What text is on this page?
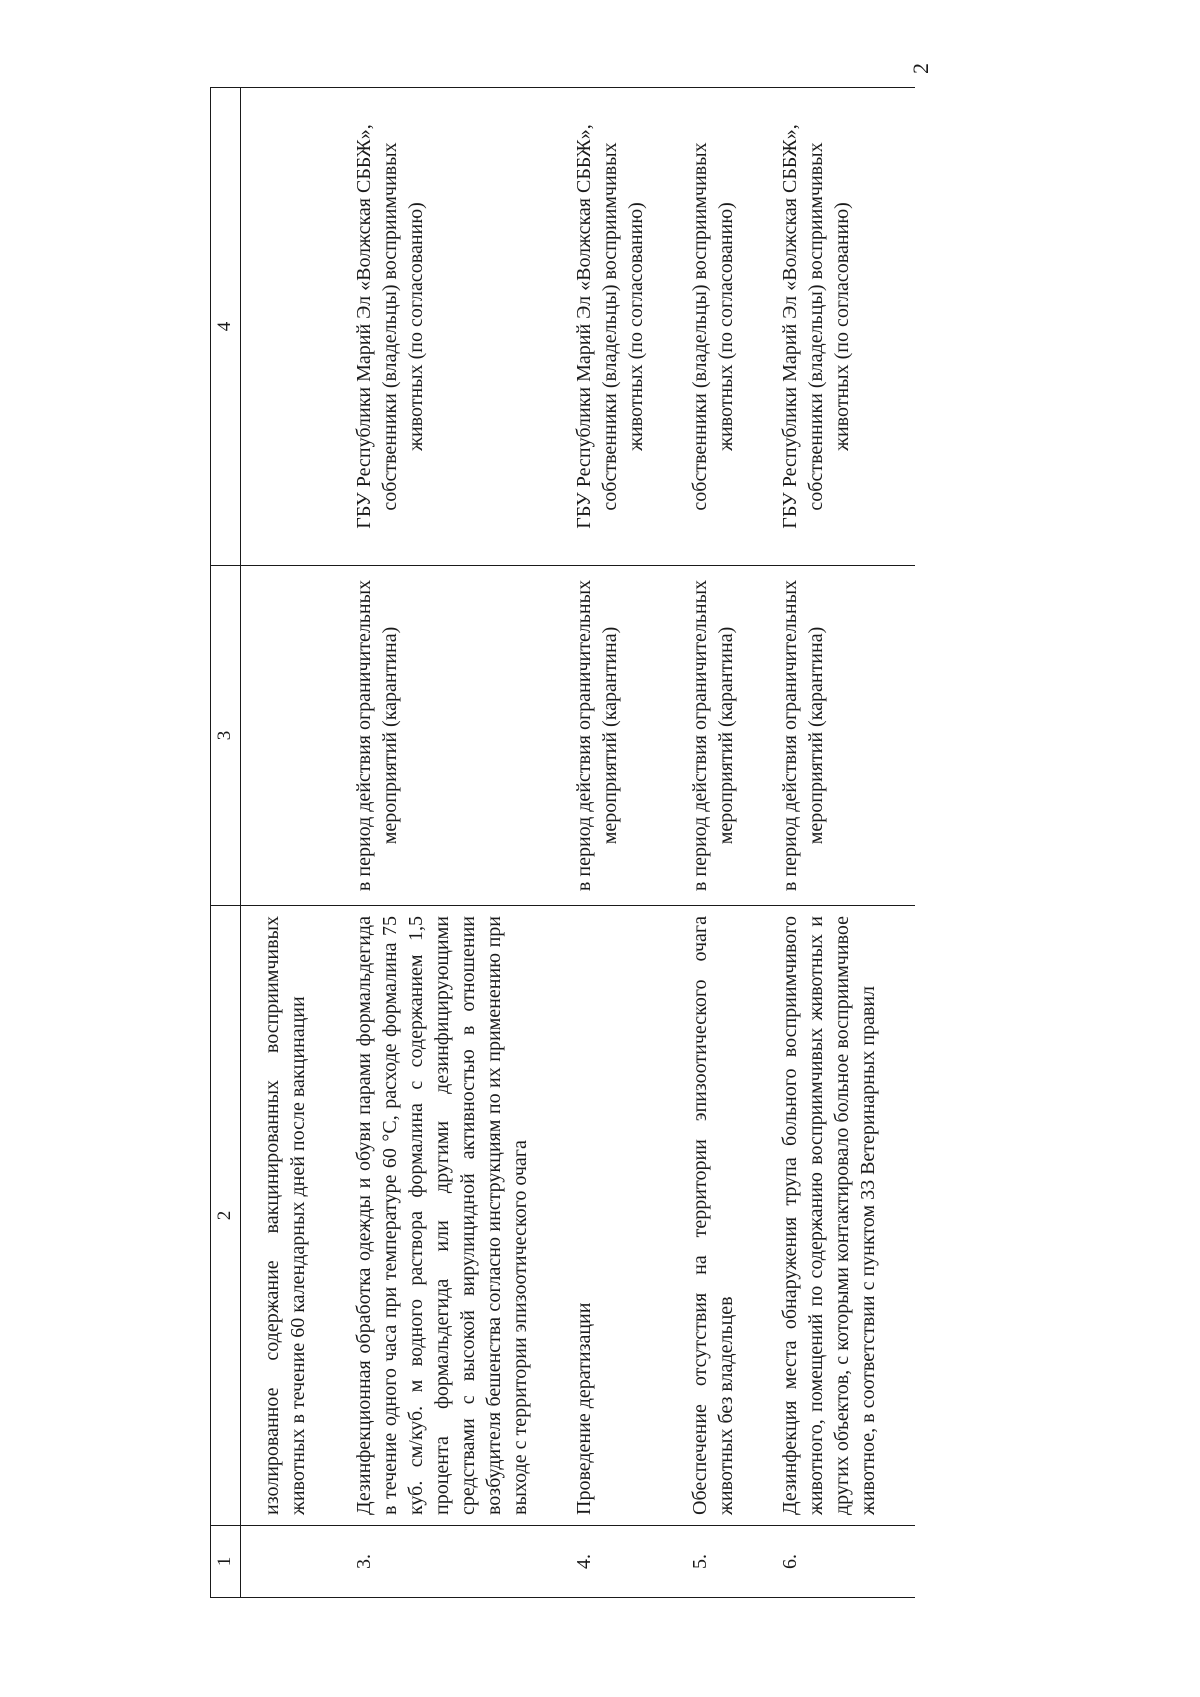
2
1	2	3	4
	изолированное содержание вакцинированных восприимчивых животных в течение 60 календарных дней после вакцинации		
3.	Дезинфекционная обработка одежды и обуви парами формальдегида в течение одного часа при температуре 60 °С, расходе формалина 75 куб. см/куб. м водного раствора формалина с содержанием 1,5 процента формальдегида или другими дезинфицирующими средствами с высокой вирулицидной активностью в отношении возбудителя бешенства согласно инструкциям по их применению при выходе с территории эпизоотического очага	в период действия ограничительных мероприятий (карантина)	ГБУ Республики Марий Эл «Волжская СББЖ», собственники (владельцы) восприимчивых животных (по согласованию)
4.	Проведение дератизации	в период действия ограничительных мероприятий (карантина)	ГБУ Республики Марий Эл «Волжская СББЖ», собственники (владельцы) восприимчивых животных (по согласованию)
5.	Обеспечение отсутствия на территории эпизоотического очага животных без владельцев	в период действия ограничительных мероприятий (карантина)	собственники (владельцы) восприимчивых животных (по согласованию)
6.	Дезинфекция места обнаружения трупа больного восприимчивого животного, помещений по содержанию восприимчивых животных и других объектов, с которыми контактировало больное восприимчивое животное, в соответствии с пунктом 33 Ветеринарных правил	в период действия ограничительных мероприятий (карантина)	ГБУ Республики Марий Эл «Волжская СББЖ», собственники (владельцы) восприимчивых животных (по согласованию)
